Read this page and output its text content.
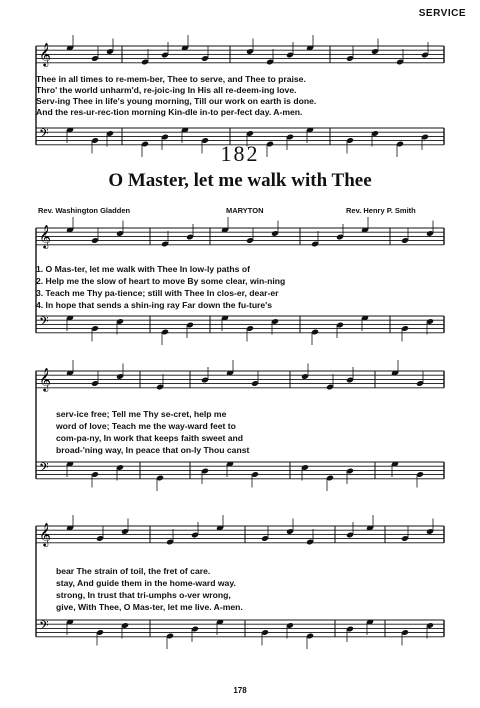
𝄞
𝄢
𝄞
𝄢
𝄞
𝄢
𝄞
𝄢
SERVICE
Thee in all times to re-mem-ber, Thee to serve, and Thee to praise.
Thro' the world unharm'd, re-joic-ing In His all re-deem-ing love.
Serv-ing Thee in life's young morning, Till our work on earth is done.
And the res-ur-rec-tion morning Kin-dle in-to per-fect day. A-men.
182
O Master, let me walk with Thee
Rev. Washington Gladden	MARYTON	Rev. Henry P. Smith
1. O Mas-ter, let me walk with Thee In low-ly paths of
2. Help me the slow of heart to move By some clear, win-ning
3. Teach me Thy pa-tience; still with Thee In clos-er, dear-er
4. In hope that sends a shin-ing ray Far down the fu-ture's
serv-ice free; Tell me Thy se-cret, help me
word of love; Teach me the way-ward feet to
com-pa-ny, In work that keeps faith sweet and
broad-'ning way, In peace that on-ly Thou canst
bear The strain of toil, the fret of care.
stay, And guide them in the home-ward way.
strong, In trust that tri-umphs o-ver wrong,
give, With Thee, O Mas-ter, let me live. A-men.
178
